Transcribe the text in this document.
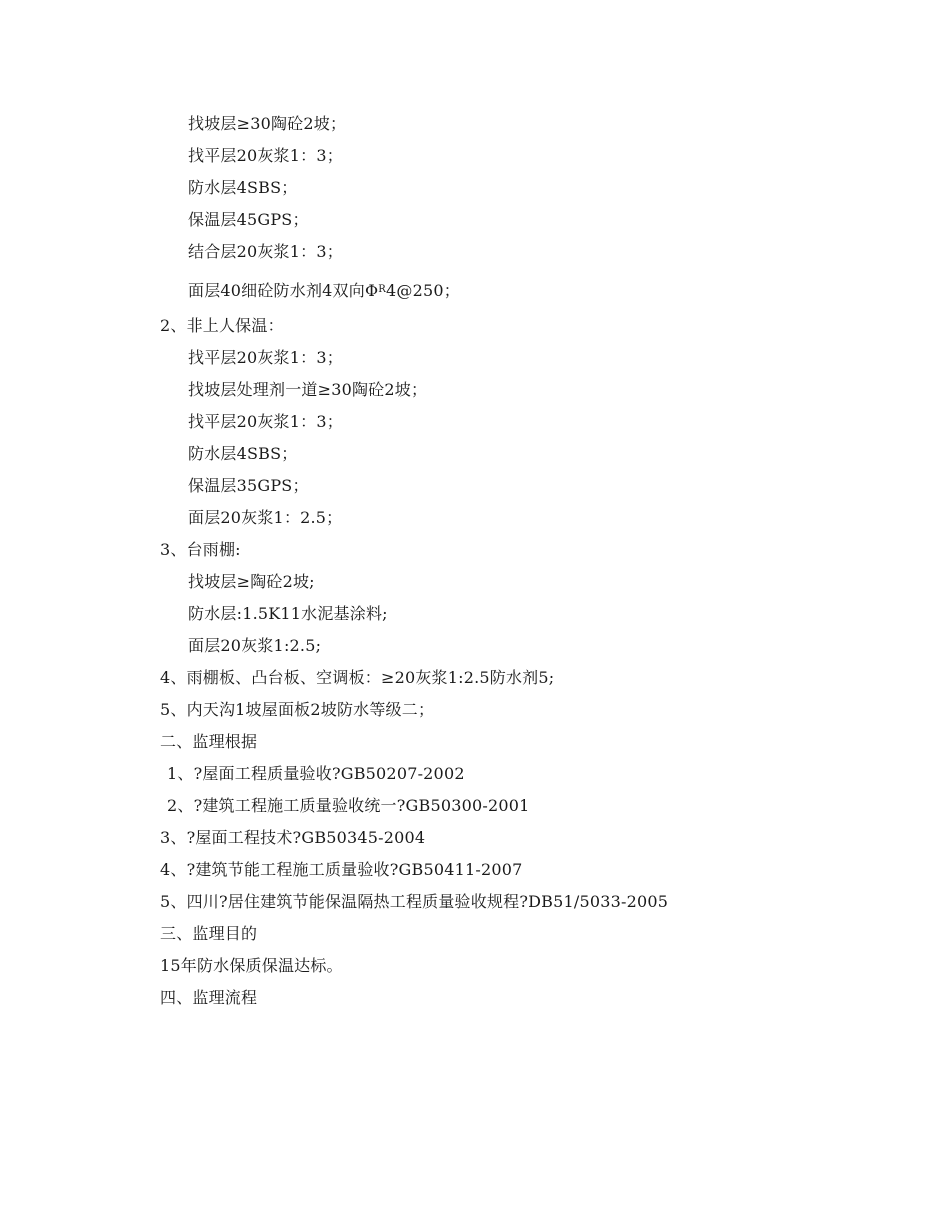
找坡层≥30陶砼2坡；
找平层20灰浆1：3；
防水层4SBS；
保温层45GPS；
结合层20灰浆1：3；
面层40细砼防水剂4双向$\Phi^R4@250$；
2、非上人保温：
找平层20灰浆1：3；
找坡层处理剂一道≥30陶砼2坡；
找平层20灰浆1：3；
防水层4SBS；
保温层35GPS；
面层20灰浆1：2.5；
3、台雨棚:
找坡层≥陶砼2坡;
防水层:1.5K11水泥基涂料;
面层20灰浆1:2.5;
4、雨棚板、凸台板、空调板：≥20灰浆1:2.5防水剂5;
5、内天沟1坡屋面板2坡防水等级二；
二、监理根据
1、?屋面工程质量验收?GB50207-2002
2、?建筑工程施工质量验收统一?GB50300-2001
3、?屋面工程技术?GB50345-2004
4、?建筑节能工程施工质量验收?GB50411-2007
5、四川?居住建筑节能保温隔热工程质量验收规程?DB51/5033-2005
三、监理目的
15年防水保质保温达标。
四、监理流程
